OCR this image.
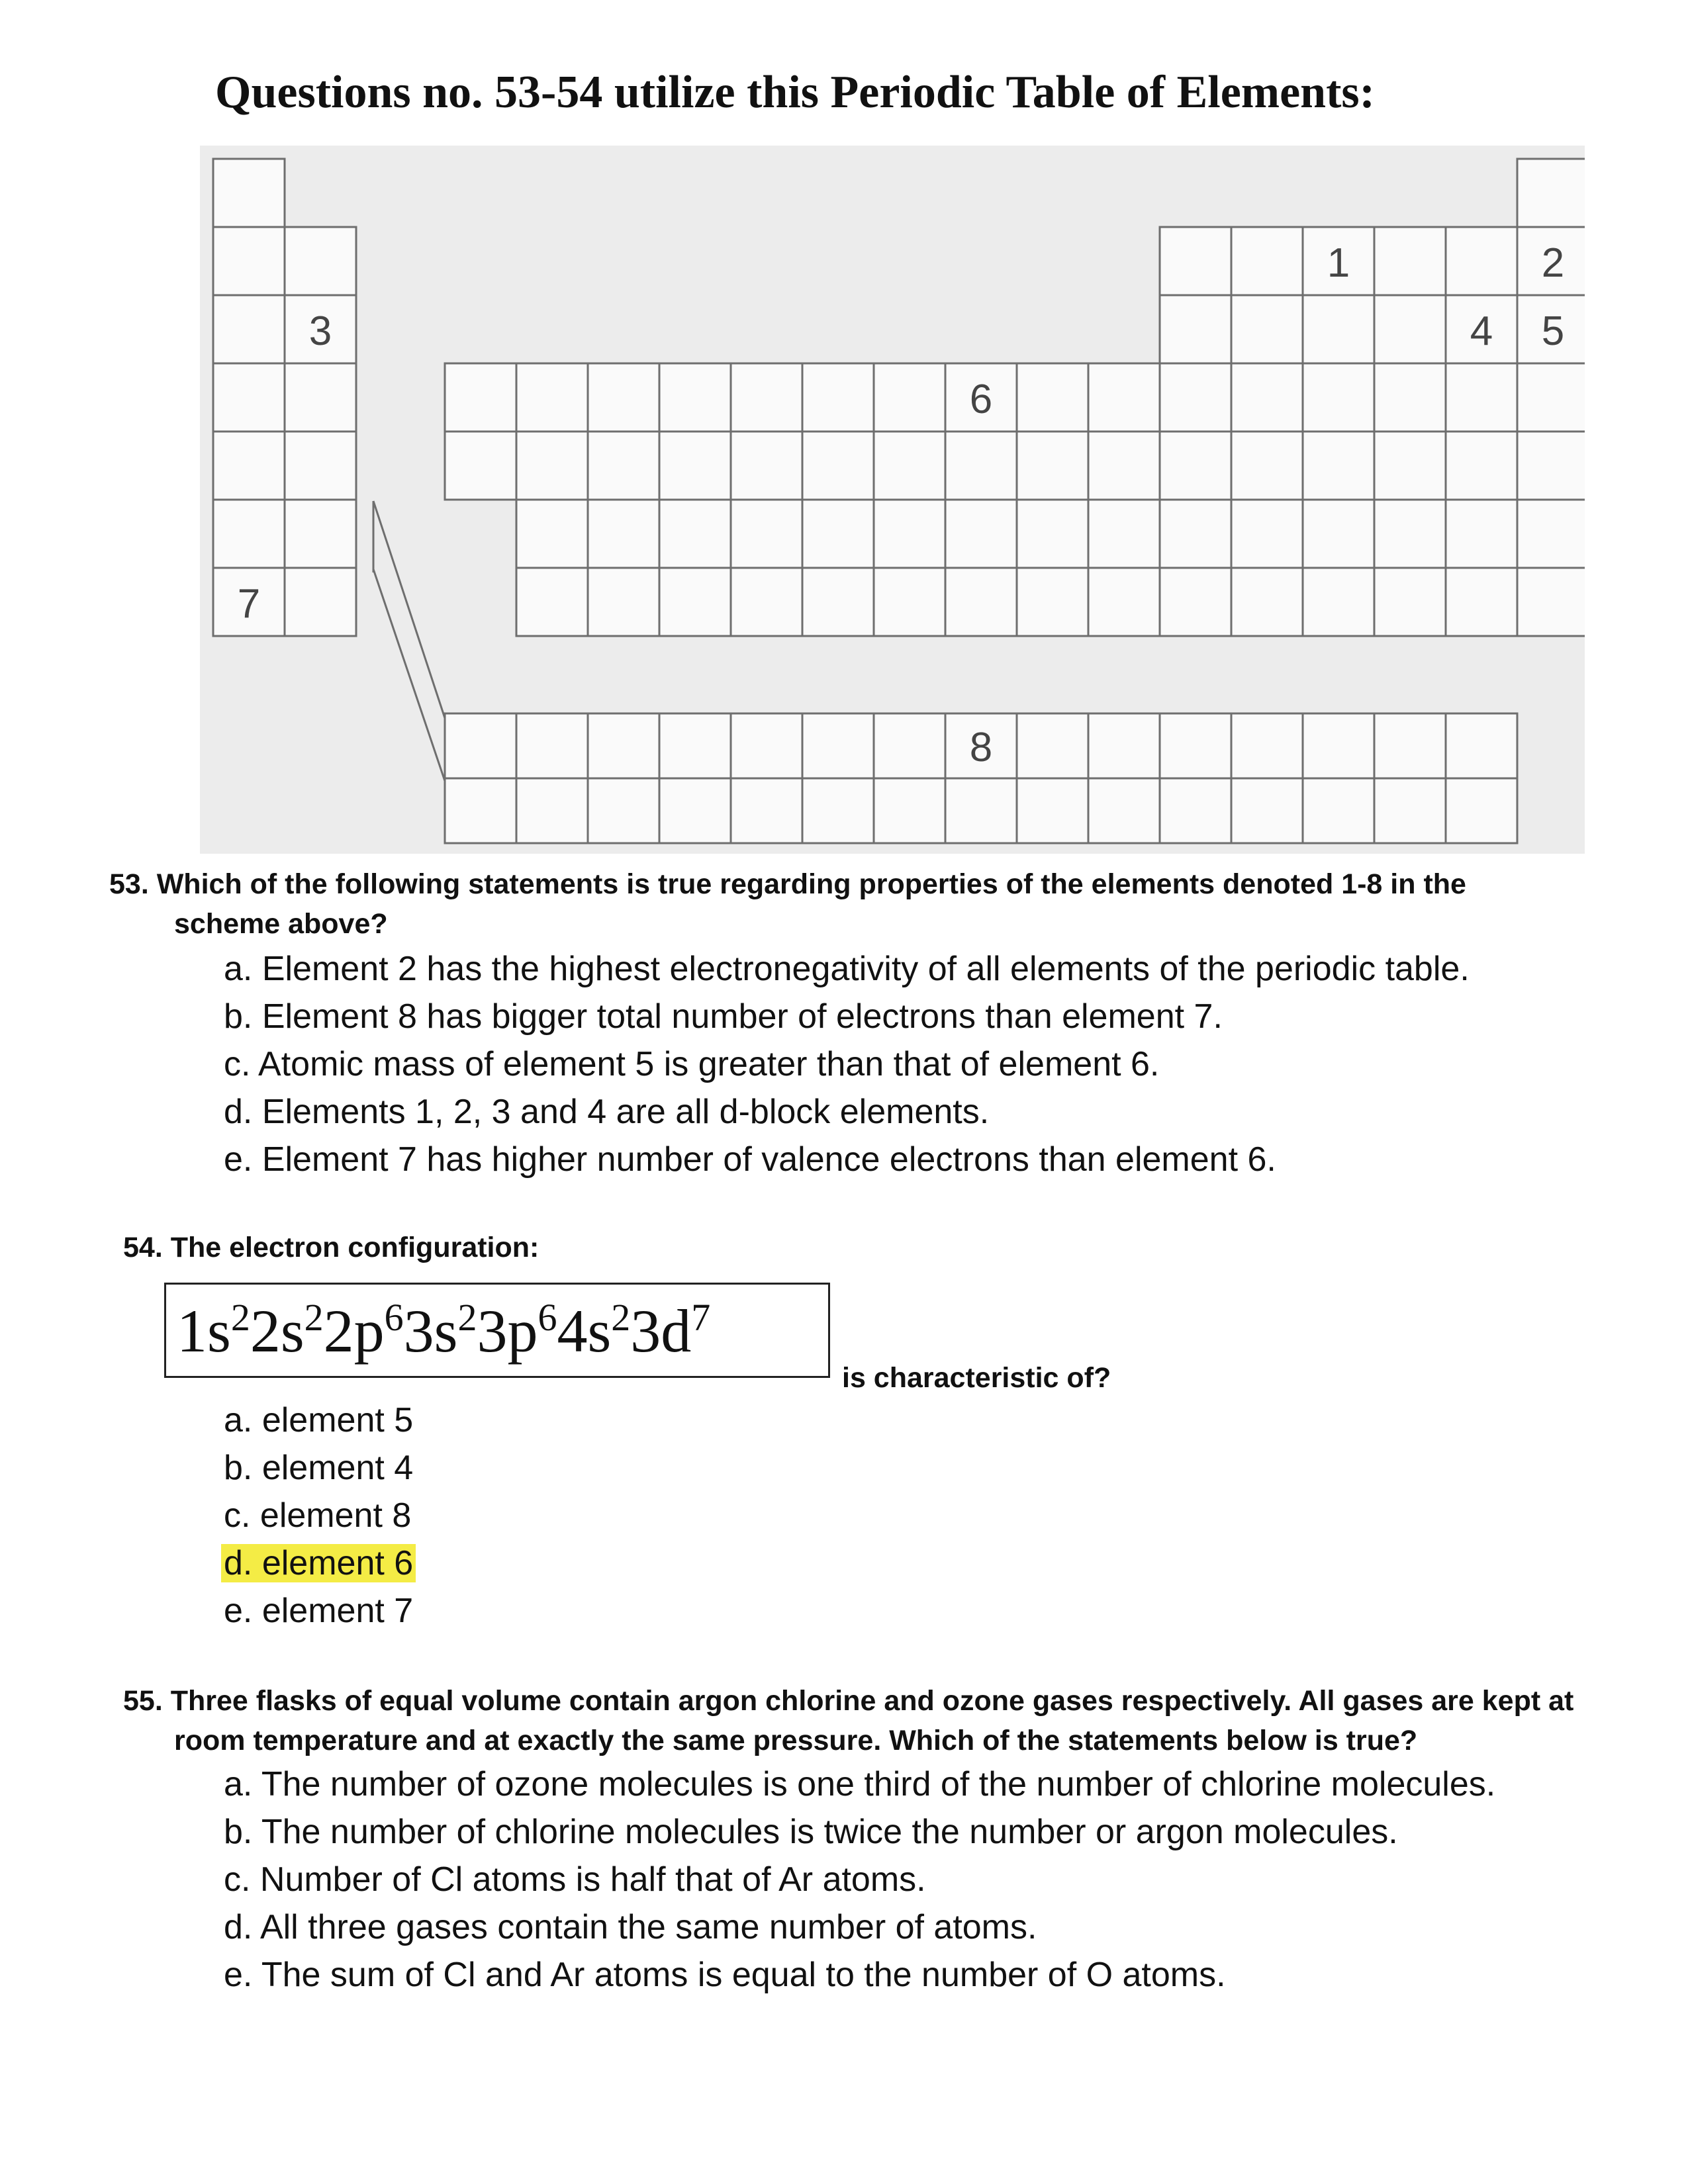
Questions no. 53-54 utilize this Periodic Table of Elements:
1	2
3	4 5
6
7
8
53. Which of the following statements is true regarding properties of the elements denoted 1-8 in the
scheme above?
a. Element 2 has the highest electronegativity of all elements of the periodic table.
b. Element 8 has bigger total number of electrons than element 7.
c. Atomic mass of element 5 is greater than that of element 6.
d. Elements 1, 2, 3 and 4 are all d-block elements.
e. Element 7 has higher number of valence electrons than element 6.
54. The electron configuration:
$1s^22s^22p^63s^23p^64s^23d^7$
is characteristic of?
a. element 5
b. element 4
c. element 8
d. element 6
e. element 7
55. Three flasks of equal volume contain argon chlorine and ozone gases respectively. All gases are kept at
room temperature and at exactly the same pressure. Which of the statements below is true?
a. The number of ozone molecules is one third of the number of chlorine molecules.
b. The number of chlorine molecules is twice the number or argon molecules.
c. Number of Cl atoms is half that of Ar atoms.
d. All three gases contain the same number of atoms.
e. The sum of Cl and Ar atoms is equal to the number of O atoms.
